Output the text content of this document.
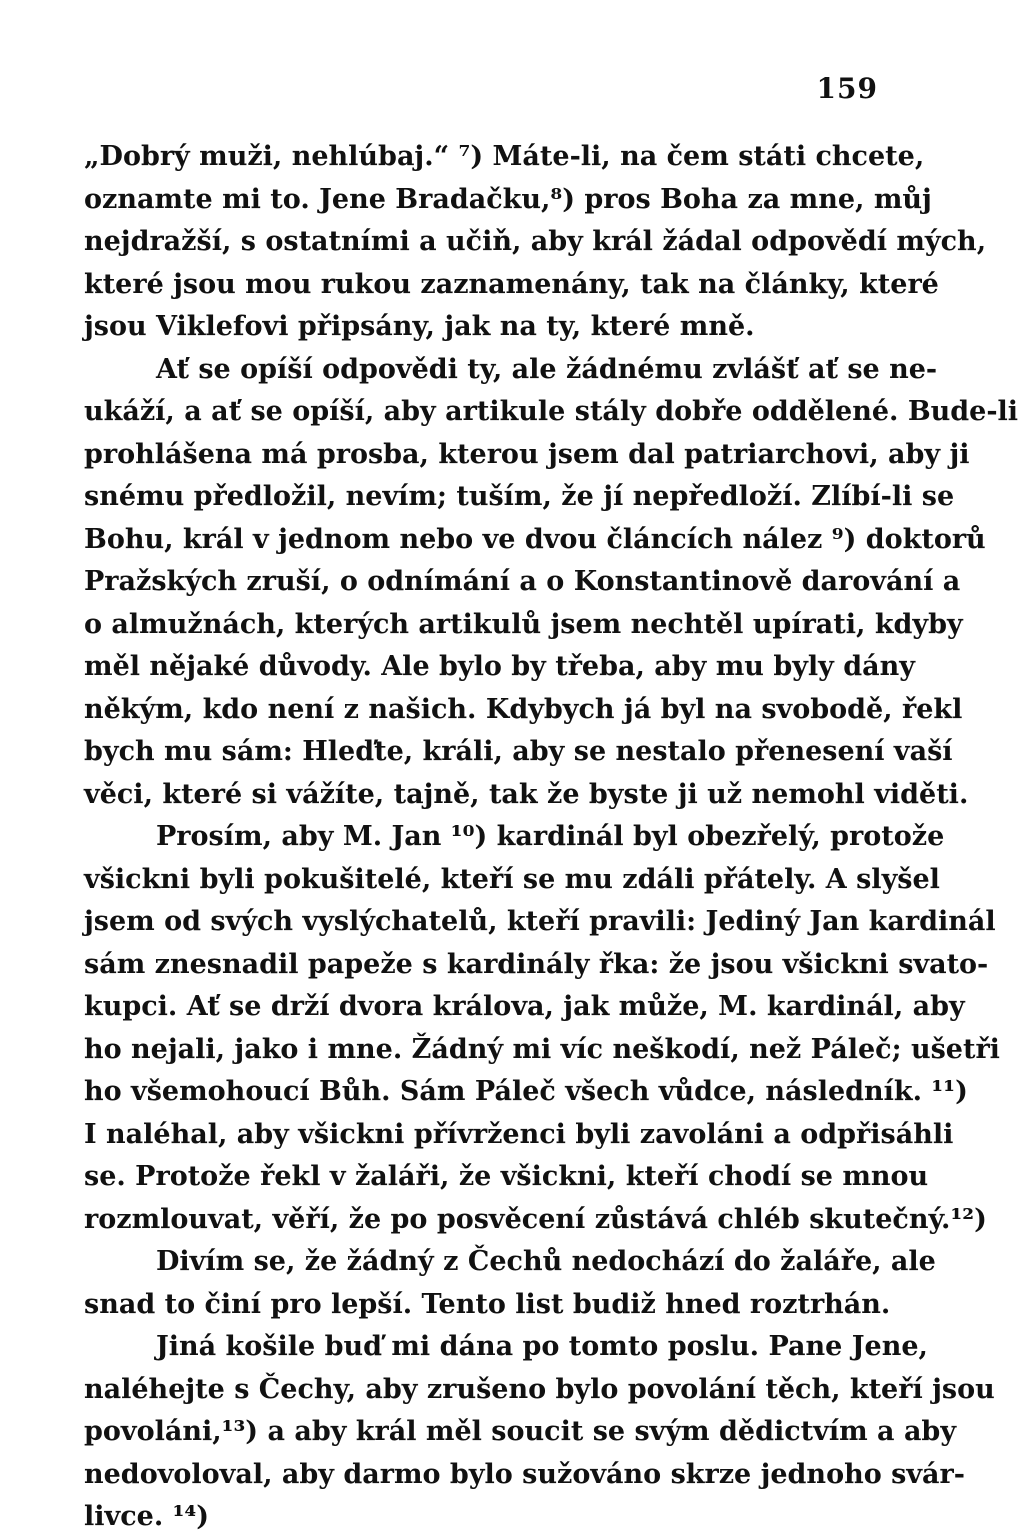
159
„Dobrý muži, nehlúbaj.“ ⁷) Máte-li, na čem státi chcete,
oznamte mi to. Jene Bradačku,⁸) pros Boha za mne, můj
nejdražší, s ostatními a učiň, aby král žádal odpovědí mých,
které jsou mou rukou zaznamenány, tak na články, které
jsou Viklefovi připsány, jak na ty, které mně.
Ať se opíší odpovědi ty, ale žádnému zvlášť ať se ne-
ukáží, a ať se opíší, aby artikule stály dobře oddělené. Bude-li
prohlášena má prosba, kterou jsem dal patriarchovi, aby ji
snému předložil, nevím; tuším, že jí nepředloží. Zlíbí-li se
Bohu, král v jednom nebo ve dvou článcích nález ⁹) doktorů
Pražských zruší, o odnímání a o Konstantinově darování a
o almužnách, kterých artikulů jsem nechtěl upírati, kdyby
měl nějaké důvody. Ale bylo by třeba, aby mu byly dány
někým, kdo není z našich. Kdybych já byl na svobodě, řekl
bych mu sám: Hleďte, králi, aby se nestalo přenesení vaší
věci, které si vážíte, tajně, tak že byste ji už nemohl viděti.
Prosím, aby M. Jan ¹⁰) kardinál byl obezřelý, protože
všickni byli pokušitelé, kteří se mu zdáli přátely. A slyšel
jsem od svých vyslýchatelů, kteří pravili: Jediný Jan kardinál
sám znesnadil papeže s kardinály řka: že jsou všickni svato-
kupci. Ať se drží dvora králova, jak může, M. kardinál, aby
ho nejali, jako i mne. Žádný mi víc neškodí, než Páleč; ušetři
ho všemohoucí Bůh. Sám Páleč všech vůdce, následník. ¹¹)
I naléhal, aby všickni přívrženci byli zavoláni a odpřisáhli
se. Protože řekl v žaláři, že všickni, kteří chodí se mnou
rozmlouvat, věří, že po posvěcení zůstává chléb skutečný.¹²)
Divím se, že žádný z Čechů nedochází do žaláře, ale
snad to činí pro lepší. Tento list budiž hned roztrhán.
Jiná košile buď mi dána po tomto poslu. Pane Jene,
naléhejte s Čechy, aby zrušeno bylo povolání těch, kteří jsou
povoláni,¹³) a aby král měl soucit se svým dědictvím a aby
nedovoloval, aby darmo bylo sužováno skrze jednoho svár-
livce. ¹⁴)
